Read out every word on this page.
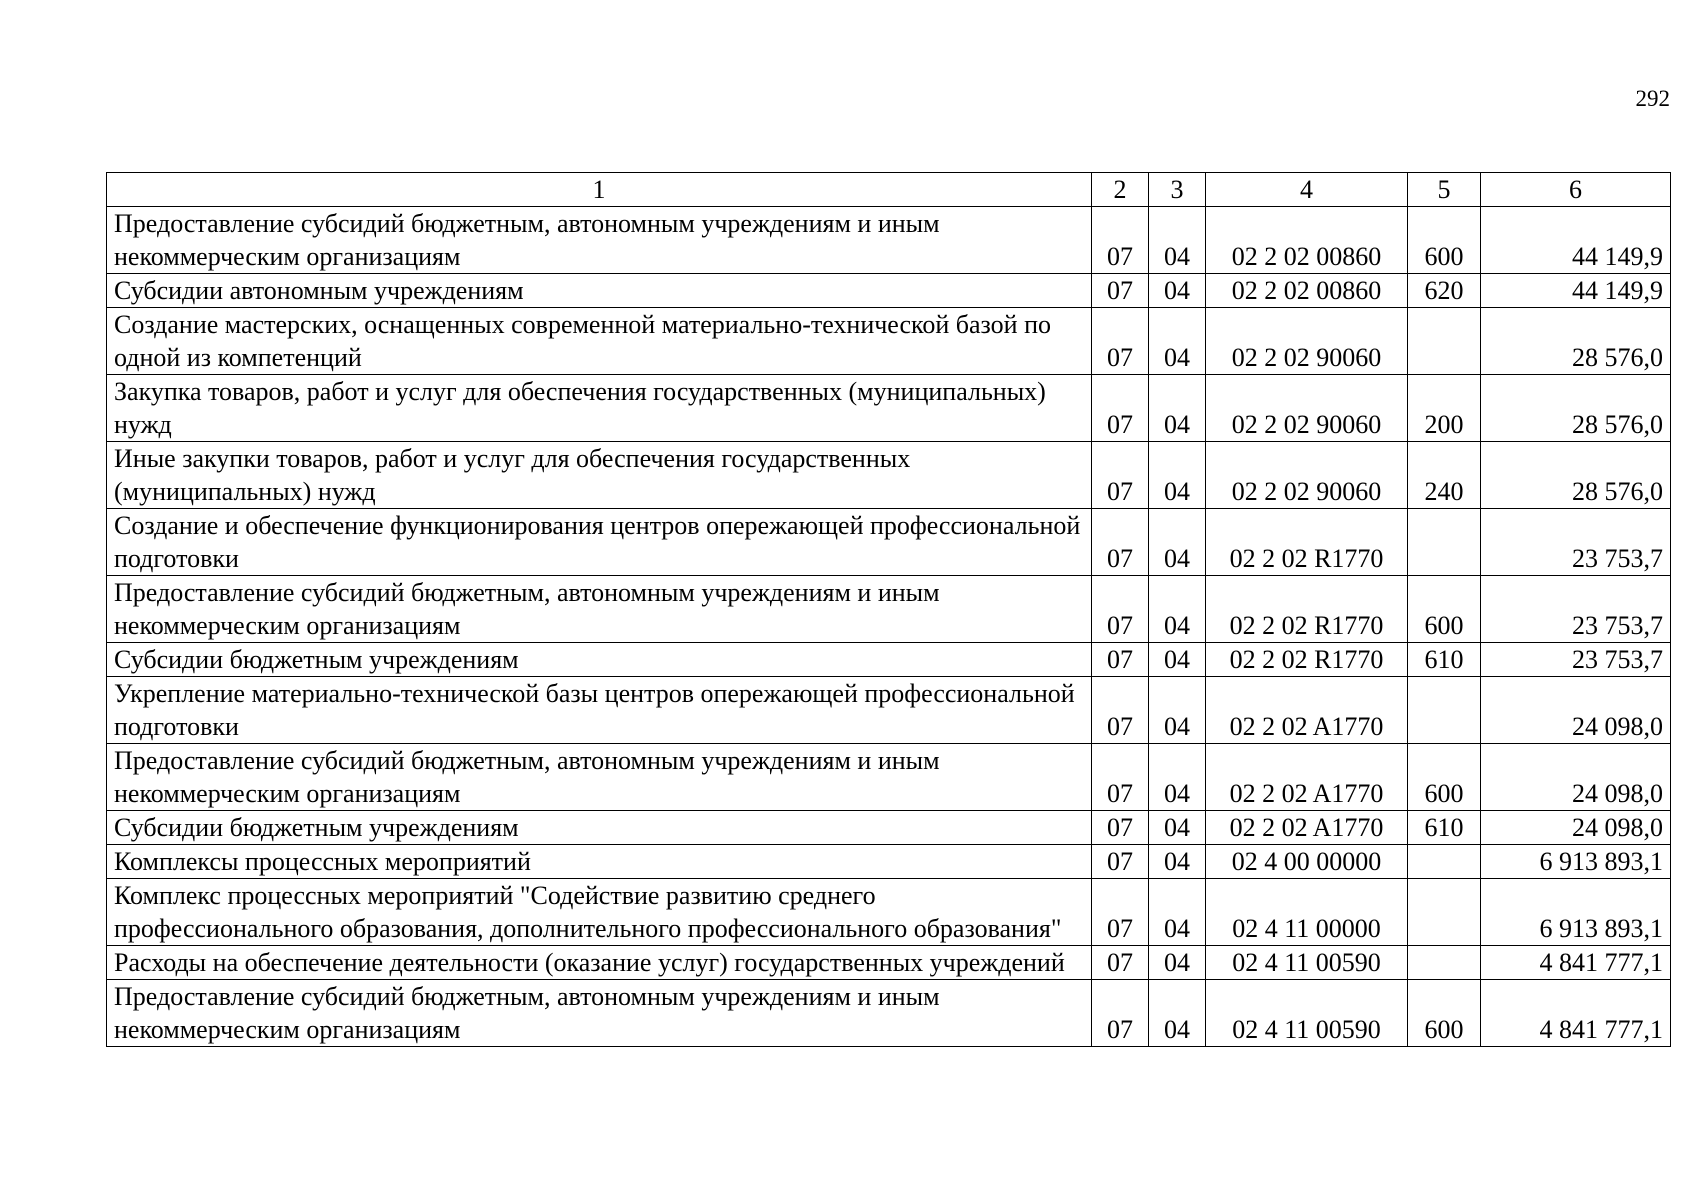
292
1	2	3	4	5	6
Предоставление субсидий бюджетным, автономным учреждениям и иным некоммерческим организациям	07	04	02 2 02 00860	600	44 149,9
Субсидии автономным учреждениям	07	04	02 2 02 00860	620	44 149,9
Создание мастерских, оснащенных современной материально-технической базой по одной из компетенций	07	04	02 2 02 90060		28 576,0
Закупка товаров, работ и услуг для обеспечения государственных (муниципальных) нужд	07	04	02 2 02 90060	200	28 576,0
Иные закупки товаров, работ и услуг для обеспечения государственных (муниципальных) нужд	07	04	02 2 02 90060	240	28 576,0
Создание и обеспечение функционирования центров опережающей профессиональной подготовки	07	04	02 2 02 R1770		23 753,7
Предоставление субсидий бюджетным, автономным учреждениям и иным некоммерческим организациям	07	04	02 2 02 R1770	600	23 753,7
Субсидии бюджетным учреждениям	07	04	02 2 02 R1770	610	23 753,7
Укрепление материально-технической базы центров опережающей профессиональной подготовки	07	04	02 2 02 A1770		24 098,0
Предоставление субсидий бюджетным, автономным учреждениям и иным некоммерческим организациям	07	04	02 2 02 A1770	600	24 098,0
Субсидии бюджетным учреждениям	07	04	02 2 02 A1770	610	24 098,0
Комплексы процессных мероприятий	07	04	02 4 00 00000		6 913 893,1
Комплекс процессных мероприятий "Содействие развитию среднего профессионального образования, дополнительного профессионального образования"	07	04	02 4 11 00000		6 913 893,1
Расходы на обеспечение деятельности (оказание услуг) государственных учреждений	07	04	02 4 11 00590		4 841 777,1
Предоставление субсидий бюджетным, автономным учреждениям и иным некоммерческим организациям	07	04	02 4 11 00590	600	4 841 777,1
